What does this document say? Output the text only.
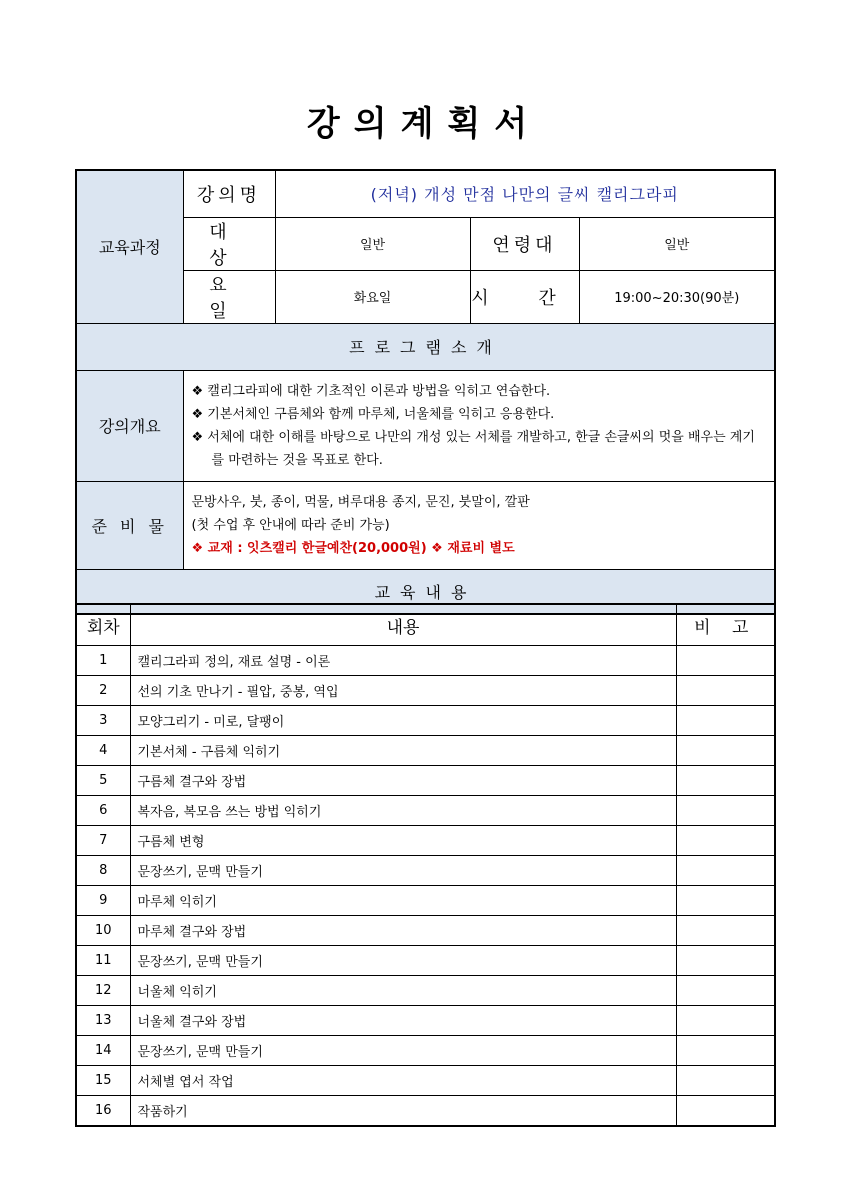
강의계획서
교육과정	강의명	(저녁) 개성 만점 나만의 글씨 캘리그라피		
	대 상	일반	연령대	일반
	요 일	화요일	시 간	19:00~20:30(90분)
프로그램소개				
강의개요	❖ 캘리그라피에 대한 기초적인 이론과 방법을 익히고 연습한다.
❖ 기본서체인 구름체와 함께 마루체, 너울체를 익히고 응용한다.
❖ 서체에 대한 이해를 바탕으로 나만의 개성 있는 서체를 개발하고, 한글 손글씨의 멋을 배우는 계기를 마련하는 것을 목표로 한다.			

준 비 물	문방사우, 붓, 종이, 먹물, 벼루대용 종지, 문진, 붓말이, 깔판
(첫 수업 후 안내에 따라 준비 가능)
❖ 교재 : 잇츠캘리 한글예찬(20,000원) ❖ 재료비 별도			

교육내용				
회차	내용	비 고
1	캘리그라피 정의, 재료 설명 - 이론	
2	선의 기초 만나기 - 필압, 중봉, 역입	
3	모양그리기 - 미로, 달팽이	
4	기본서체 - 구름체 익히기	
5	구름체 결구와 장법	
6	복자음, 복모음 쓰는 방법 익히기	
7	구름체 변형	
8	문장쓰기, 문맥 만들기	
9	마루체 익히기	
10	마루체 결구와 장법	
11	문장쓰기, 문맥 만들기	
12	너울체 익히기	
13	너울체 결구와 장법	
14	문장쓰기, 문맥 만들기	
15	서체별 엽서 작업	
16	작품하기	
